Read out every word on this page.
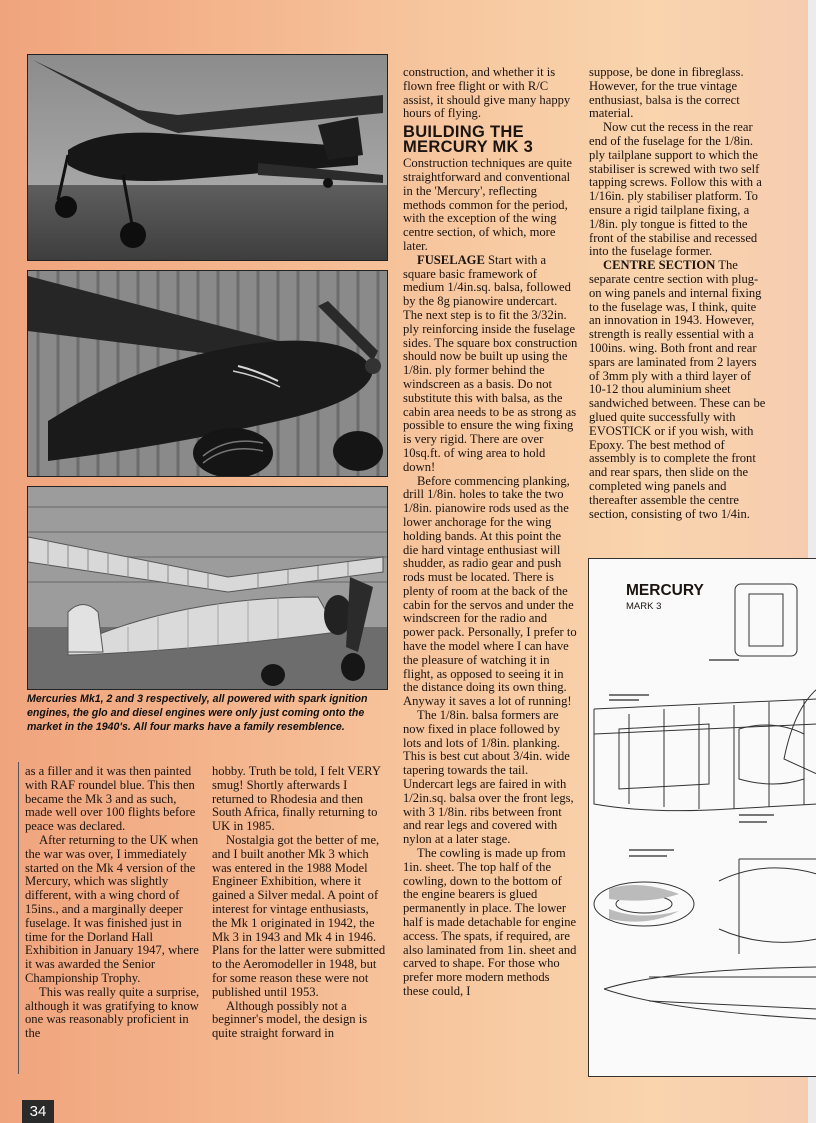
Mercuries Mk1, 2 and 3 respectively, all powered with spark ignition engines, the glo and diesel engines were only just coming onto the market in the 1940's. All four marks have a family resemblence.

as a filler and it was then painted with RAF roundel blue. This then became the Mk 3 and as such, made well over 100 flights before peace was declared.

After returning to the UK when the war was over, I immediately started on the Mk 4 version of the Mercury, which was slightly different, with a wing chord of 15ins., and a marginally deeper fuselage. It was finished just in time for the Dorland Hall Exhibition in January 1947, where it was awarded the Senior Championship Trophy.

This was really quite a surprise, although it was gratifying to know one was reasonably proficient in the

hobby. Truth be told, I felt VERY smug! Shortly afterwards I returned to Rhodesia and then South Africa, finally returning to UK in 1985.

Nostalgia got the better of me, and I built another Mk 3 which was entered in the 1988 Model Engineer Exhibition, where it gained a Silver medal. A point of interest for vintage enthusiasts, the Mk 1 originated in 1942, the Mk 3 in 1943 and Mk 4 in 1946. Plans for the latter were submitted to the Aeromodeller in 1948, but for some reason these were not published until 1953.

Although possibly not a beginner's model, the design is quite straight forward in

construction, and whether it is flown free flight or with R/C assist, it should give many happy hours of flying.

BUILDING THE
MERCURY MK 3

Construction techniques are quite straightforward and conventional in the 'Mercury', reflecting methods common for the period, with the exception of the wing centre section, of which, more later.

FUSELAGE Start with a square basic framework of medium 1/4in.sq. balsa, followed by the 8g pianowire undercart. The next step is to fit the 3/32in. ply reinforcing inside the fuselage sides. The square box construction should now be built up using the 1/8in. ply former behind the windscreen as a basis. Do not substitute this with balsa, as the cabin area needs to be as strong as possible to ensure the wing fixing is very rigid. There are over 10sq.ft. of wing area to hold down!

Before commencing planking, drill 1/8in. holes to take the two 1/8in. pianowire rods used as the lower anchorage for the wing holding bands. At this point the die hard vintage enthusiast will shudder, as radio gear and push rods must be located. There is plenty of room at the back of the cabin for the servos and under the windscreen for the radio and power pack. Personally, I prefer to have the model where I can have the pleasure of watching it in flight, as opposed to seeing it in the distance doing its own thing. Anyway it saves a lot of running!

The 1/8in. balsa formers are now fixed in place followed by lots and lots of 1/8in. planking. This is best cut about 3/4in. wide tapering towards the tail. Undercart legs are faired in with 1/2in.sq. balsa over the front legs, with 3 1/8in. ribs between front and rear legs and covered with nylon at a later stage.

The cowling is made up from 1in. sheet. The top half of the cowling, down to the bottom of the engine bearers is glued permanently in place. The lower half is made detachable for engine access. The spats, if required, are also laminated from 1in. sheet and carved to shape. For those who prefer more modern methods these could, I

suppose, be done in fibreglass. However, for the true vintage enthusiast, balsa is the correct material.

Now cut the recess in the rear end of the fuselage for the 1/8in. ply tailplane support to which the stabiliser is screwed with two self tapping screws. Follow this with a 1/16in. ply stabiliser platform. To ensure a rigid tailplane fixing, a 1/8in. ply tongue is fitted to the front of the stabilise and recessed into the fuselage former.

CENTRE SECTION The separate centre section with plug-on wing panels and internal fixing to the fuselage was, I think, quite an innovation in 1943. However, strength is really essential with a 100ins. wing. Both front and rear spars are laminated from 2 layers of 3mm ply with a third layer of 10-12 thou aluminium sheet sandwiched between. These can be glued quite successfully with EVOSTICK or if you wish, with Epoxy. The best method of assembly is to complete the front and rear spars, then slide on the completed wing panels and thereafter assemble the centre section, consisting of two 1/4in.

MERCURY
MARK 3
34
